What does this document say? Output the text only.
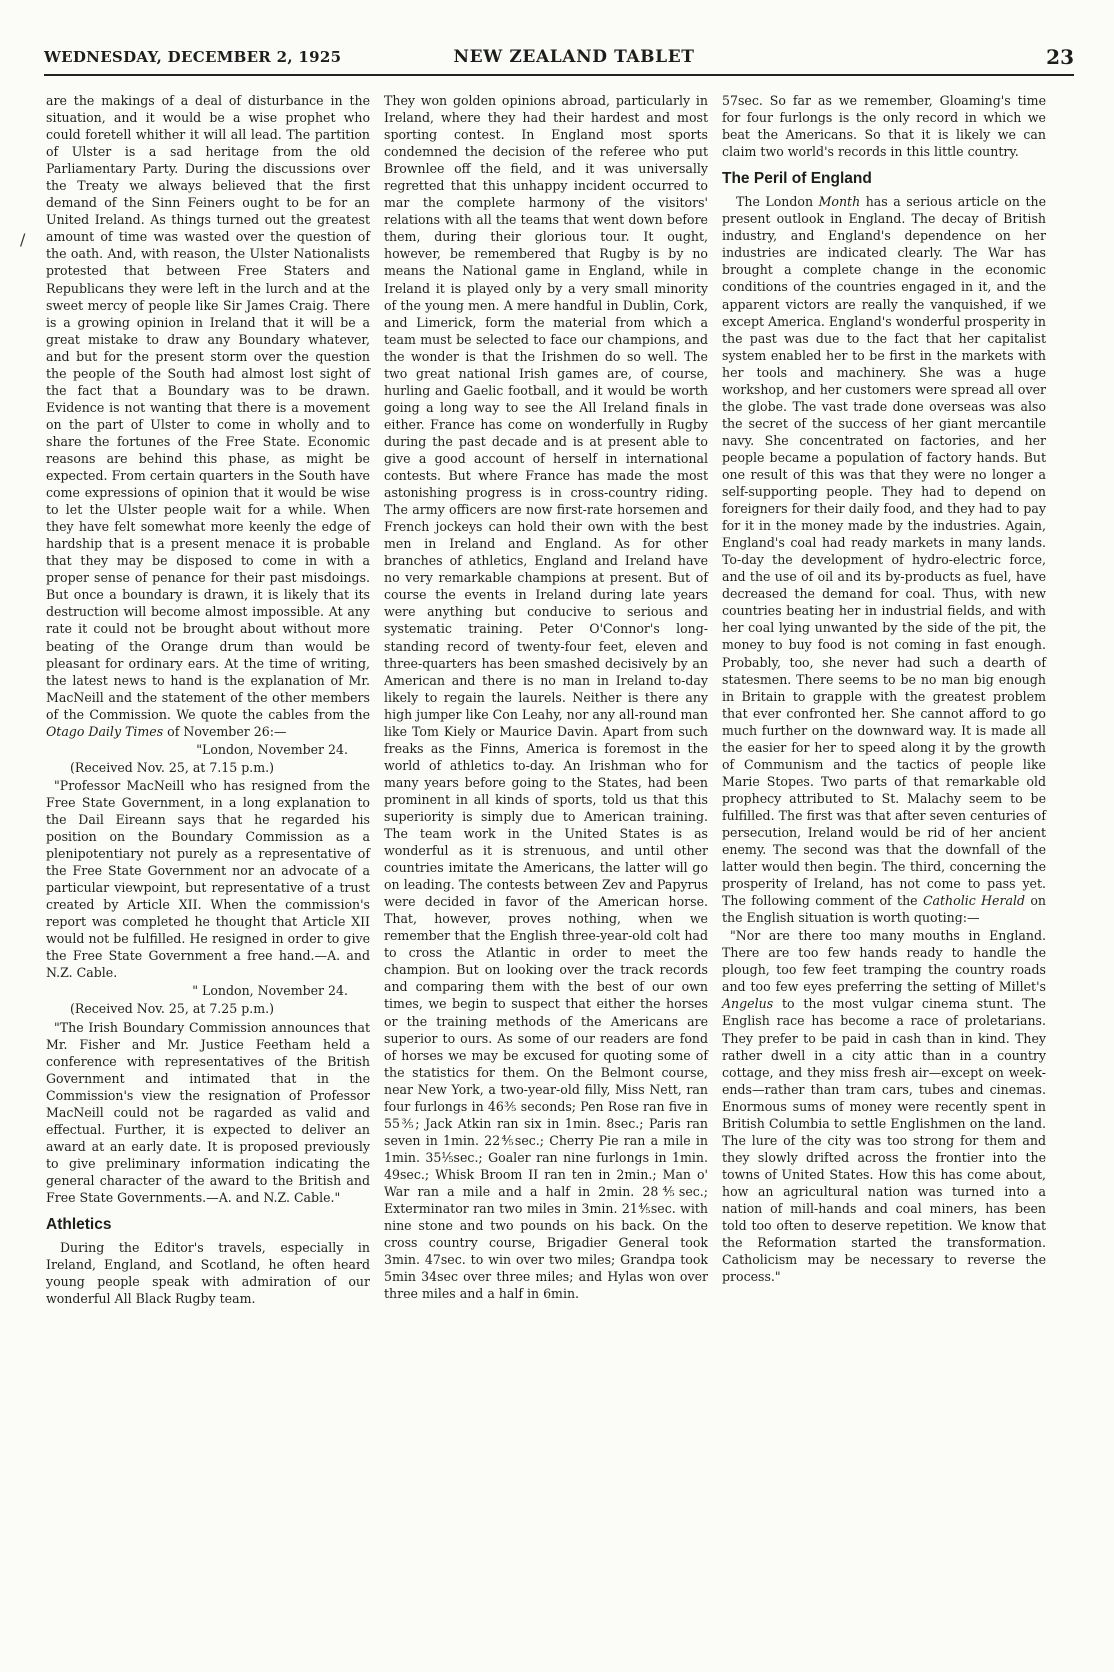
WEDNESDAY, DECEMBER 2, 1925	NEW ZEALAND TABLET	23
/

are the makings of a deal of disturbance in the situation, and it would be a wise prophet who could foretell whither it will all lead. The partition of Ulster is a sad heritage from the old Parliamentary Party. During the discussions over the Treaty we always believed that the first demand of the Sinn Feiners ought to be for an United Ireland. As things turned out the greatest amount of time was wasted over the question of the oath. And, with reason, the Ulster Nationalists protested that between Free Staters and Republicans they were left in the lurch and at the sweet mercy of people like Sir James Craig. There is a growing opinion in Ireland that it will be a great mistake to draw any Boundary whatever, and but for the present storm over the question the people of the South had almost lost sight of the fact that a Boundary was to be drawn. Evidence is not wanting that there is a movement on the part of Ulster to come in wholly and to share the fortunes of the Free State. Economic reasons are behind this phase, as might be expected. From certain quarters in the South have come expressions of opinion that it would be wise to let the Ulster people wait for a while. When they have felt somewhat more keenly the edge of hardship that is a present menace it is probable that they may be disposed to come in with a proper sense of penance for their past misdoings. But once a boundary is drawn, it is likely that its destruction will become almost impossible. At any rate it could not be brought about without more beating of the Orange drum than would be pleasant for ordinary ears. At the time of writing, the latest news to hand is the explanation of Mr. MacNeill and the statement of the other members of the Commission. We quote the cables from the Otago Daily Times of November 26:—

"London, November 24.

(Received Nov. 25, at 7.15 p.m.)

"Professor MacNeill who has resigned from the Free State Government, in a long explanation to the Dail Eireann says that he regarded his position on the Boundary Commission as a plenipotentiary not purely as a representative of the Free State Government nor an advocate of a particular viewpoint, but representative of a trust created by Article XII. When the commission's report was completed he thought that Article XII would not be fulfilled. He resigned in order to give the Free State Government a free hand.—A. and N.Z. Cable.

" London, November 24.

(Received Nov. 25, at 7.25 p.m.)

"The Irish Boundary Commission announces that Mr. Fisher and Mr. Justice Feetham held a conference with representatives of the British Government and intimated that in the Commission's view the resignation of Professor MacNeill could not be ragarded as valid and effectual. Further, it is expected to deliver an award at an early date. It is proposed previously to give preliminary information indicating the general character of the award to the British and Free State Governments.—A. and N.Z. Cable."

Athletics

During the Editor's travels, especially in Ireland, England, and Scotland, he often heard young people speak with admiration of our wonderful All Black Rugby team.

They won golden opinions abroad, particularly in Ireland, where they had their hardest and most sporting contest. In England most sports condemned the decision of the referee who put Brownlee off the field, and it was universally regretted that this unhappy incident occurred to mar the complete harmony of the visitors' relations with all the teams that went down before them, during their glorious tour. It ought, however, be remembered that Rugby is by no means the National game in England, while in Ireland it is played only by a very small minority of the young men. A mere handful in Dublin, Cork, and Limerick, form the material from which a team must be selected to face our champions, and the wonder is that the Irishmen do so well. The two great national Irish games are, of course, hurling and Gaelic football, and it would be worth going a long way to see the All Ireland finals in either. France has come on wonderfully in Rugby during the past decade and is at present able to give a good account of herself in international contests. But where France has made the most astonishing progress is in cross-country riding. The army officers are now first-rate horsemen and French jockeys can hold their own with the best men in Ireland and England. As for other branches of athletics, England and Ireland have no very remarkable champions at present. But of course the events in Ireland during late years were anything but conducive to serious and systematic training. Peter O'Connor's long-standing record of twenty-four feet, eleven and three-quarters has been smashed decisively by an American and there is no man in Ireland to-day likely to regain the laurels. Neither is there any high jumper like Con Leahy, nor any all-round man like Tom Kiely or Maurice Davin. Apart from such freaks as the Finns, America is foremost in the world of athletics to-day. An Irishman who for many years before going to the States, had been prominent in all kinds of sports, told us that this superiority is simply due to American training. The team work in the United States is as wonderful as it is strenuous, and until other countries imitate the Americans, the latter will go on leading. The contests between Zev and Papyrus were decided in favor of the American horse. That, however, proves nothing, when we remember that the English three-year-old colt had to cross the Atlantic in order to meet the champion. But on looking over the track records and comparing them with the best of our own times, we begin to suspect that either the horses or the training methods of the Americans are superior to ours. As some of our readers are fond of horses we may be excused for quoting some of the statistics for them. On the Belmont course, near New York, a two-year-old filly, Miss Nett, ran four furlongs in 46⅗ seconds; Pen Rose ran five in 55⅗; Jack Atkin ran six in 1min. 8sec.; Paris ran seven in 1min. 22⅘sec.; Cherry Pie ran a mile in 1min. 35⅕sec.; Goaler ran nine furlongs in 1min. 49sec.; Whisk Broom II ran ten in 2min.; Man o' War ran a mile and a half in 2min. 28⅘sec.; Exterminator ran two miles in 3min. 21⅘sec. with nine stone and two pounds on his back. On the cross country course, Brigadier General took 3min. 47sec. to win over two miles; Grandpa took 5min 34sec over three miles; and Hylas won over three miles and a half in 6min.

57sec. So far as we remember, Gloaming's time for four furlongs is the only record in which we beat the Americans. So that it is likely we can claim two world's records in this little country.

The Peril of England

The London Month has a serious article on the present outlook in England. The decay of British industry, and England's dependence on her industries are indicated clearly. The War has brought a complete change in the economic conditions of the countries engaged in it, and the apparent victors are really the vanquished, if we except America. England's wonderful prosperity in the past was due to the fact that her capitalist system enabled her to be first in the markets with her tools and machinery. She was a huge workshop, and her customers were spread all over the globe. The vast trade done overseas was also the secret of the success of her giant mercantile navy. She concentrated on factories, and her people became a population of factory hands. But one result of this was that they were no longer a self-supporting people. They had to depend on foreigners for their daily food, and they had to pay for it in the money made by the industries. Again, England's coal had ready markets in many lands. To-day the development of hydro-electric force, and the use of oil and its by-products as fuel, have decreased the demand for coal. Thus, with new countries beating her in industrial fields, and with her coal lying unwanted by the side of the pit, the money to buy food is not coming in fast enough. Probably, too, she never had such a dearth of statesmen. There seems to be no man big enough in Britain to grapple with the greatest problem that ever confronted her. She cannot afford to go much further on the downward way. It is made all the easier for her to speed along it by the growth of Communism and the tactics of people like Marie Stopes. Two parts of that remarkable old prophecy attributed to St. Malachy seem to be fulfilled. The first was that after seven centuries of persecution, Ireland would be rid of her ancient enemy. The second was that the downfall of the latter would then begin. The third, concerning the prosperity of Ireland, has not come to pass yet. The following comment of the Catholic Herald on the English situation is worth quoting:—

"Nor are there too many mouths in England. There are too few hands ready to handle the plough, too few feet tramping the country roads and too few eyes preferring the setting of Millet's Angelus to the most vulgar cinema stunt. The English race has become a race of proletarians. They prefer to be paid in cash than in kind. They rather dwell in a city attic than in a country cottage, and they miss fresh air—except on week-ends—rather than tram cars, tubes and cinemas. Enormous sums of money were recently spent in British Columbia to settle Englishmen on the land. The lure of the city was too strong for them and they slowly drifted across the frontier into the towns of United States. How this has come about, how an agricultural nation was turned into a nation of mill-hands and coal miners, has been told too often to deserve repetition. We know that the Reformation started the transformation. Catholicism may be necessary to reverse the process."
